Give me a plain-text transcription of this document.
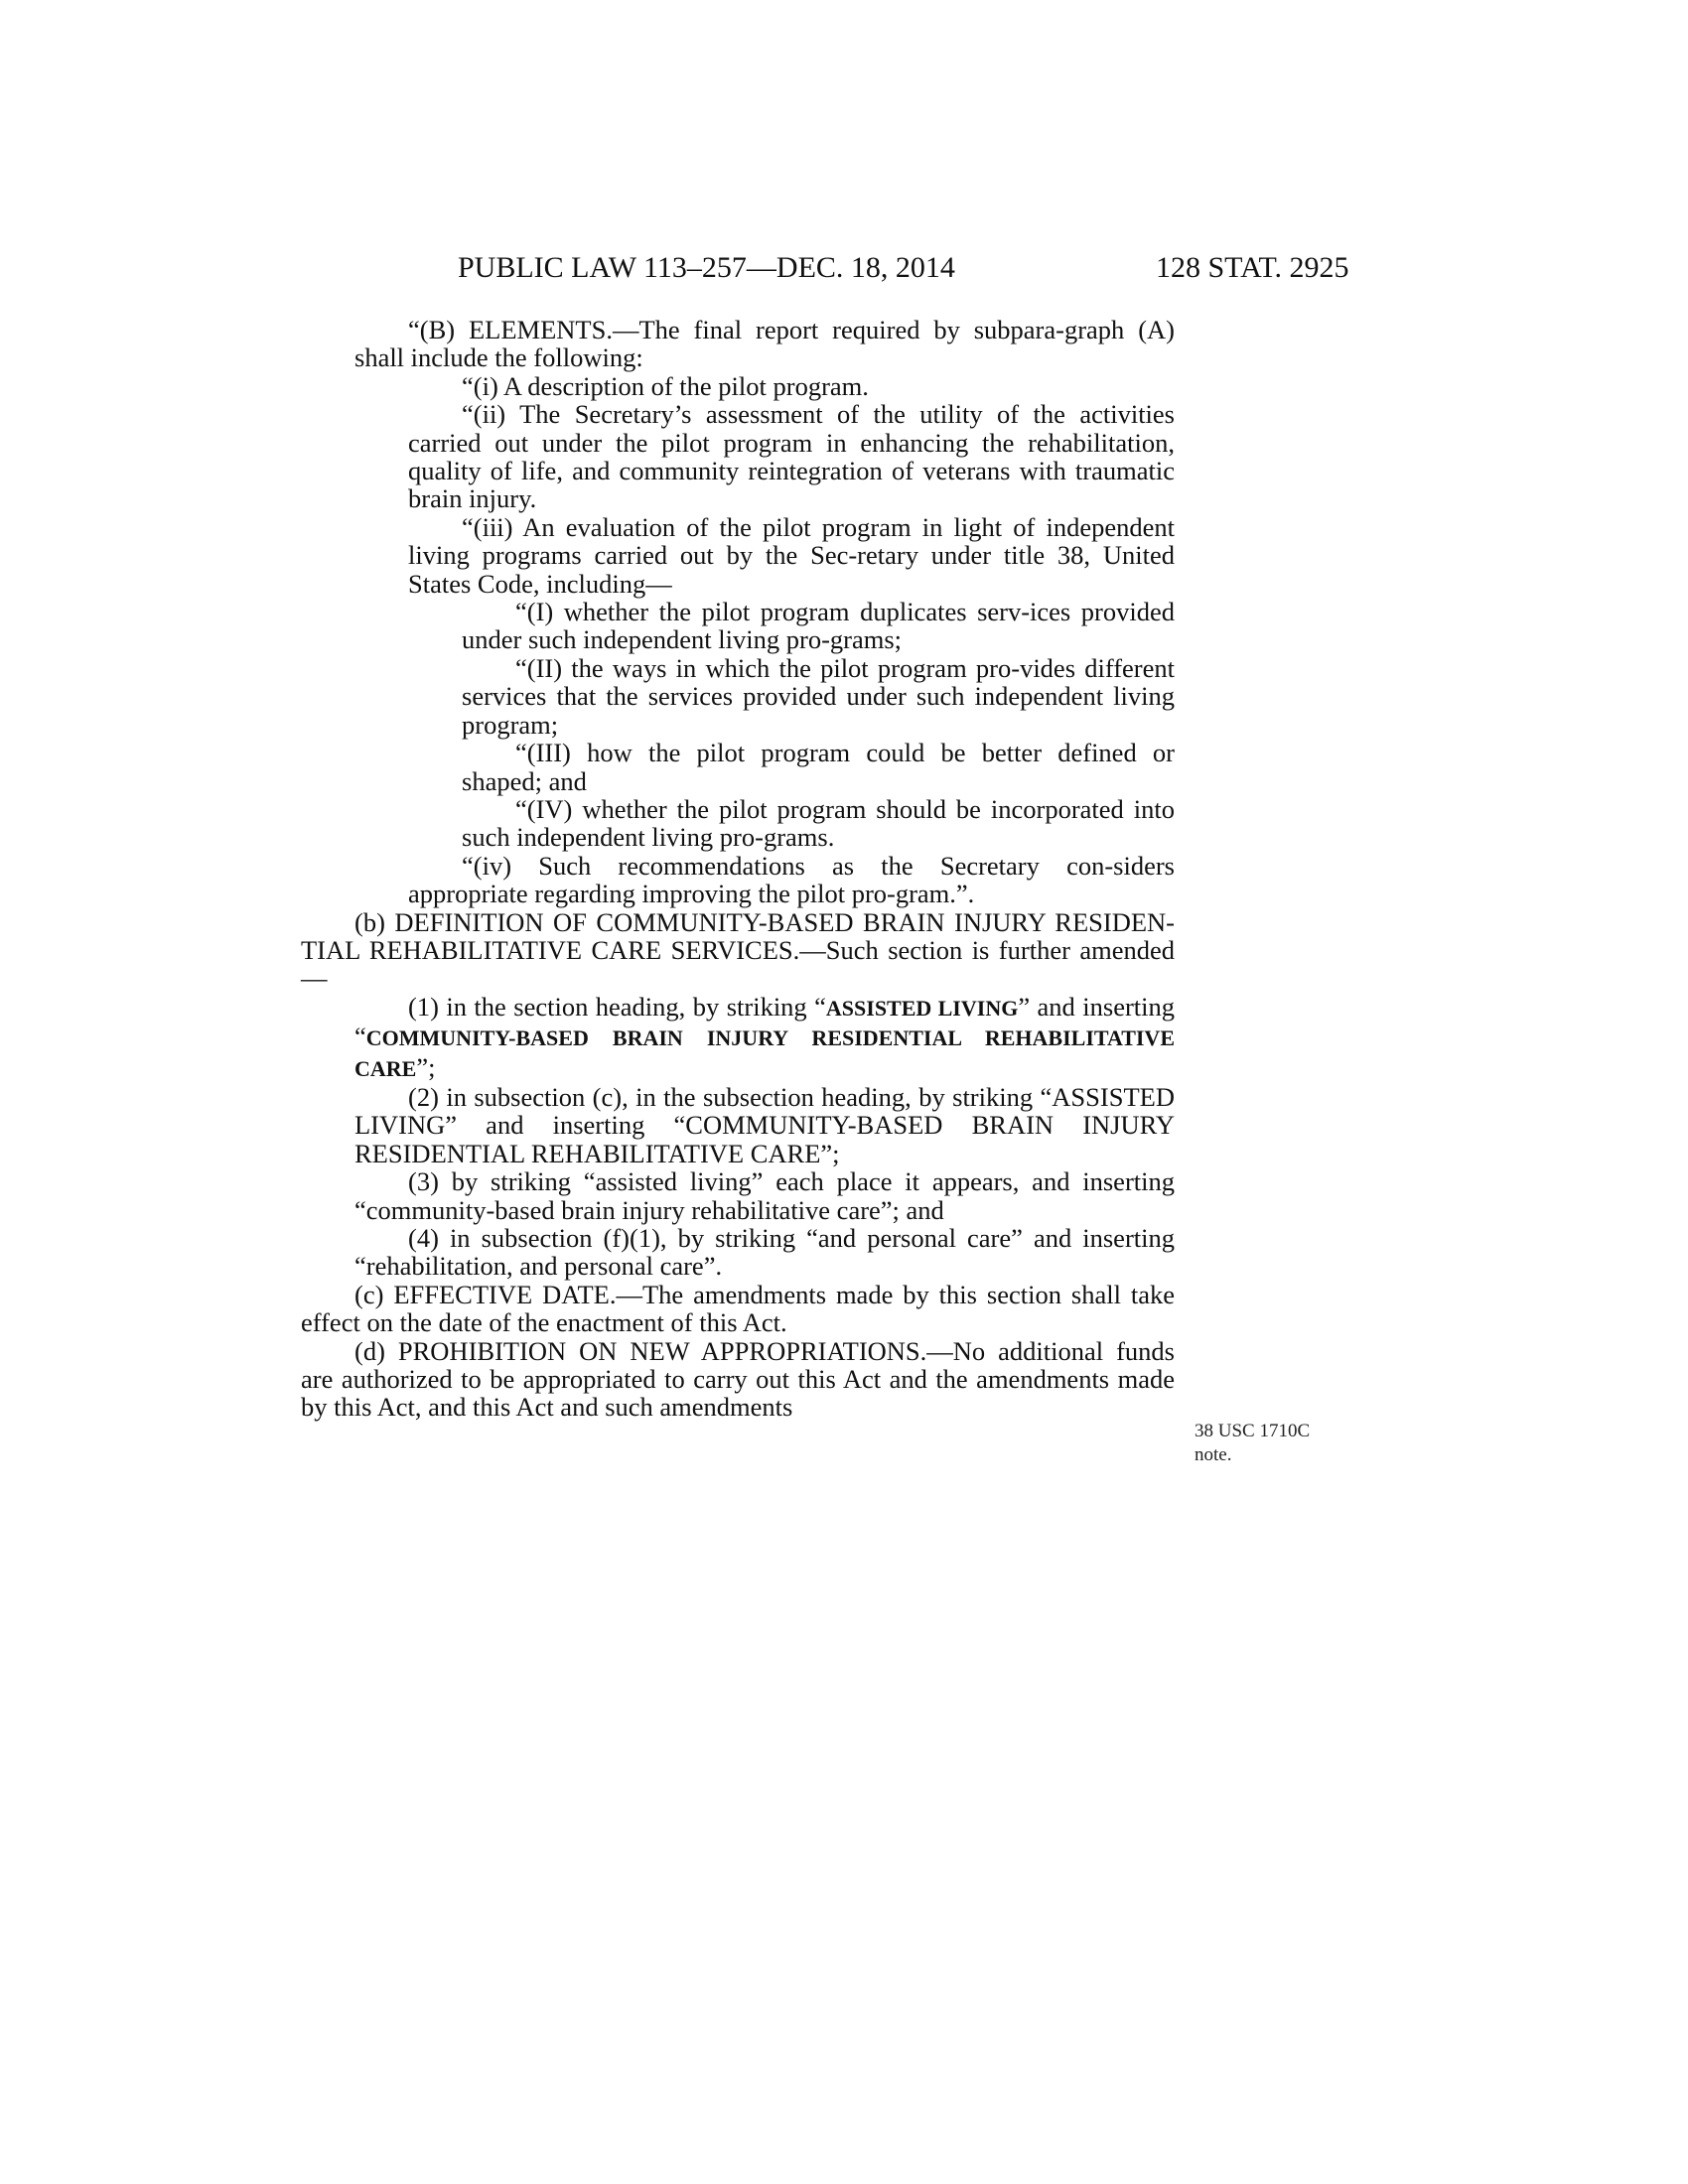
PUBLIC LAW 113–257—DEC. 18, 2014	128 STAT. 2925

“(B) ELEMENTS.—The final report required by subpara-graph (A) shall include the following:

“(i) A description of the pilot program.

“(ii) The Secretary’s assessment of the utility of the activities carried out under the pilot program in enhancing the rehabilitation, quality of life, and community reintegration of veterans with traumatic brain injury.

“(iii) An evaluation of the pilot program in light of independent living programs carried out by the Sec-retary under title 38, United States Code, including—

“(I) whether the pilot program duplicates serv-ices provided under such independent living pro-grams;

“(II) the ways in which the pilot program pro-vides different services that the services provided under such independent living program;

“(III) how the pilot program could be better defined or shaped; and

“(IV) whether the pilot program should be incorporated into such independent living pro-grams.

“(iv) Such recommendations as the Secretary con-siders appropriate regarding improving the pilot pro-gram.”.

(b) DEFINITION OF COMMUNITY-BASED BRAIN INJURY RESIDEN-TIAL REHABILITATIVE CARE SERVICES.—Such section is further amended—

(1) in the section heading, by striking “ASSISTED LIVING” and inserting “COMMUNITY-BASED BRAIN INJURY RESIDENTIAL REHABILITATIVE CARE”;

(2) in subsection (c), in the subsection heading, by striking “ASSISTED LIVING” and inserting “COMMUNITY-BASED BRAIN INJURY RESIDENTIAL REHABILITATIVE CARE”;

(3) by striking “assisted living” each place it appears, and inserting “community-based brain injury rehabilitative care”; and

(4) in subsection (f)(1), by striking “and personal care” and inserting “rehabilitation, and personal care”.

(c) EFFECTIVE DATE.—The amendments made by this section shall take effect on the date of the enactment of this Act.

(d) PROHIBITION ON NEW APPROPRIATIONS.—No additional funds are authorized to be appropriated to carry out this Act and the amendments made by this Act, and this Act and such amendments

38 USC 1710C
note.
